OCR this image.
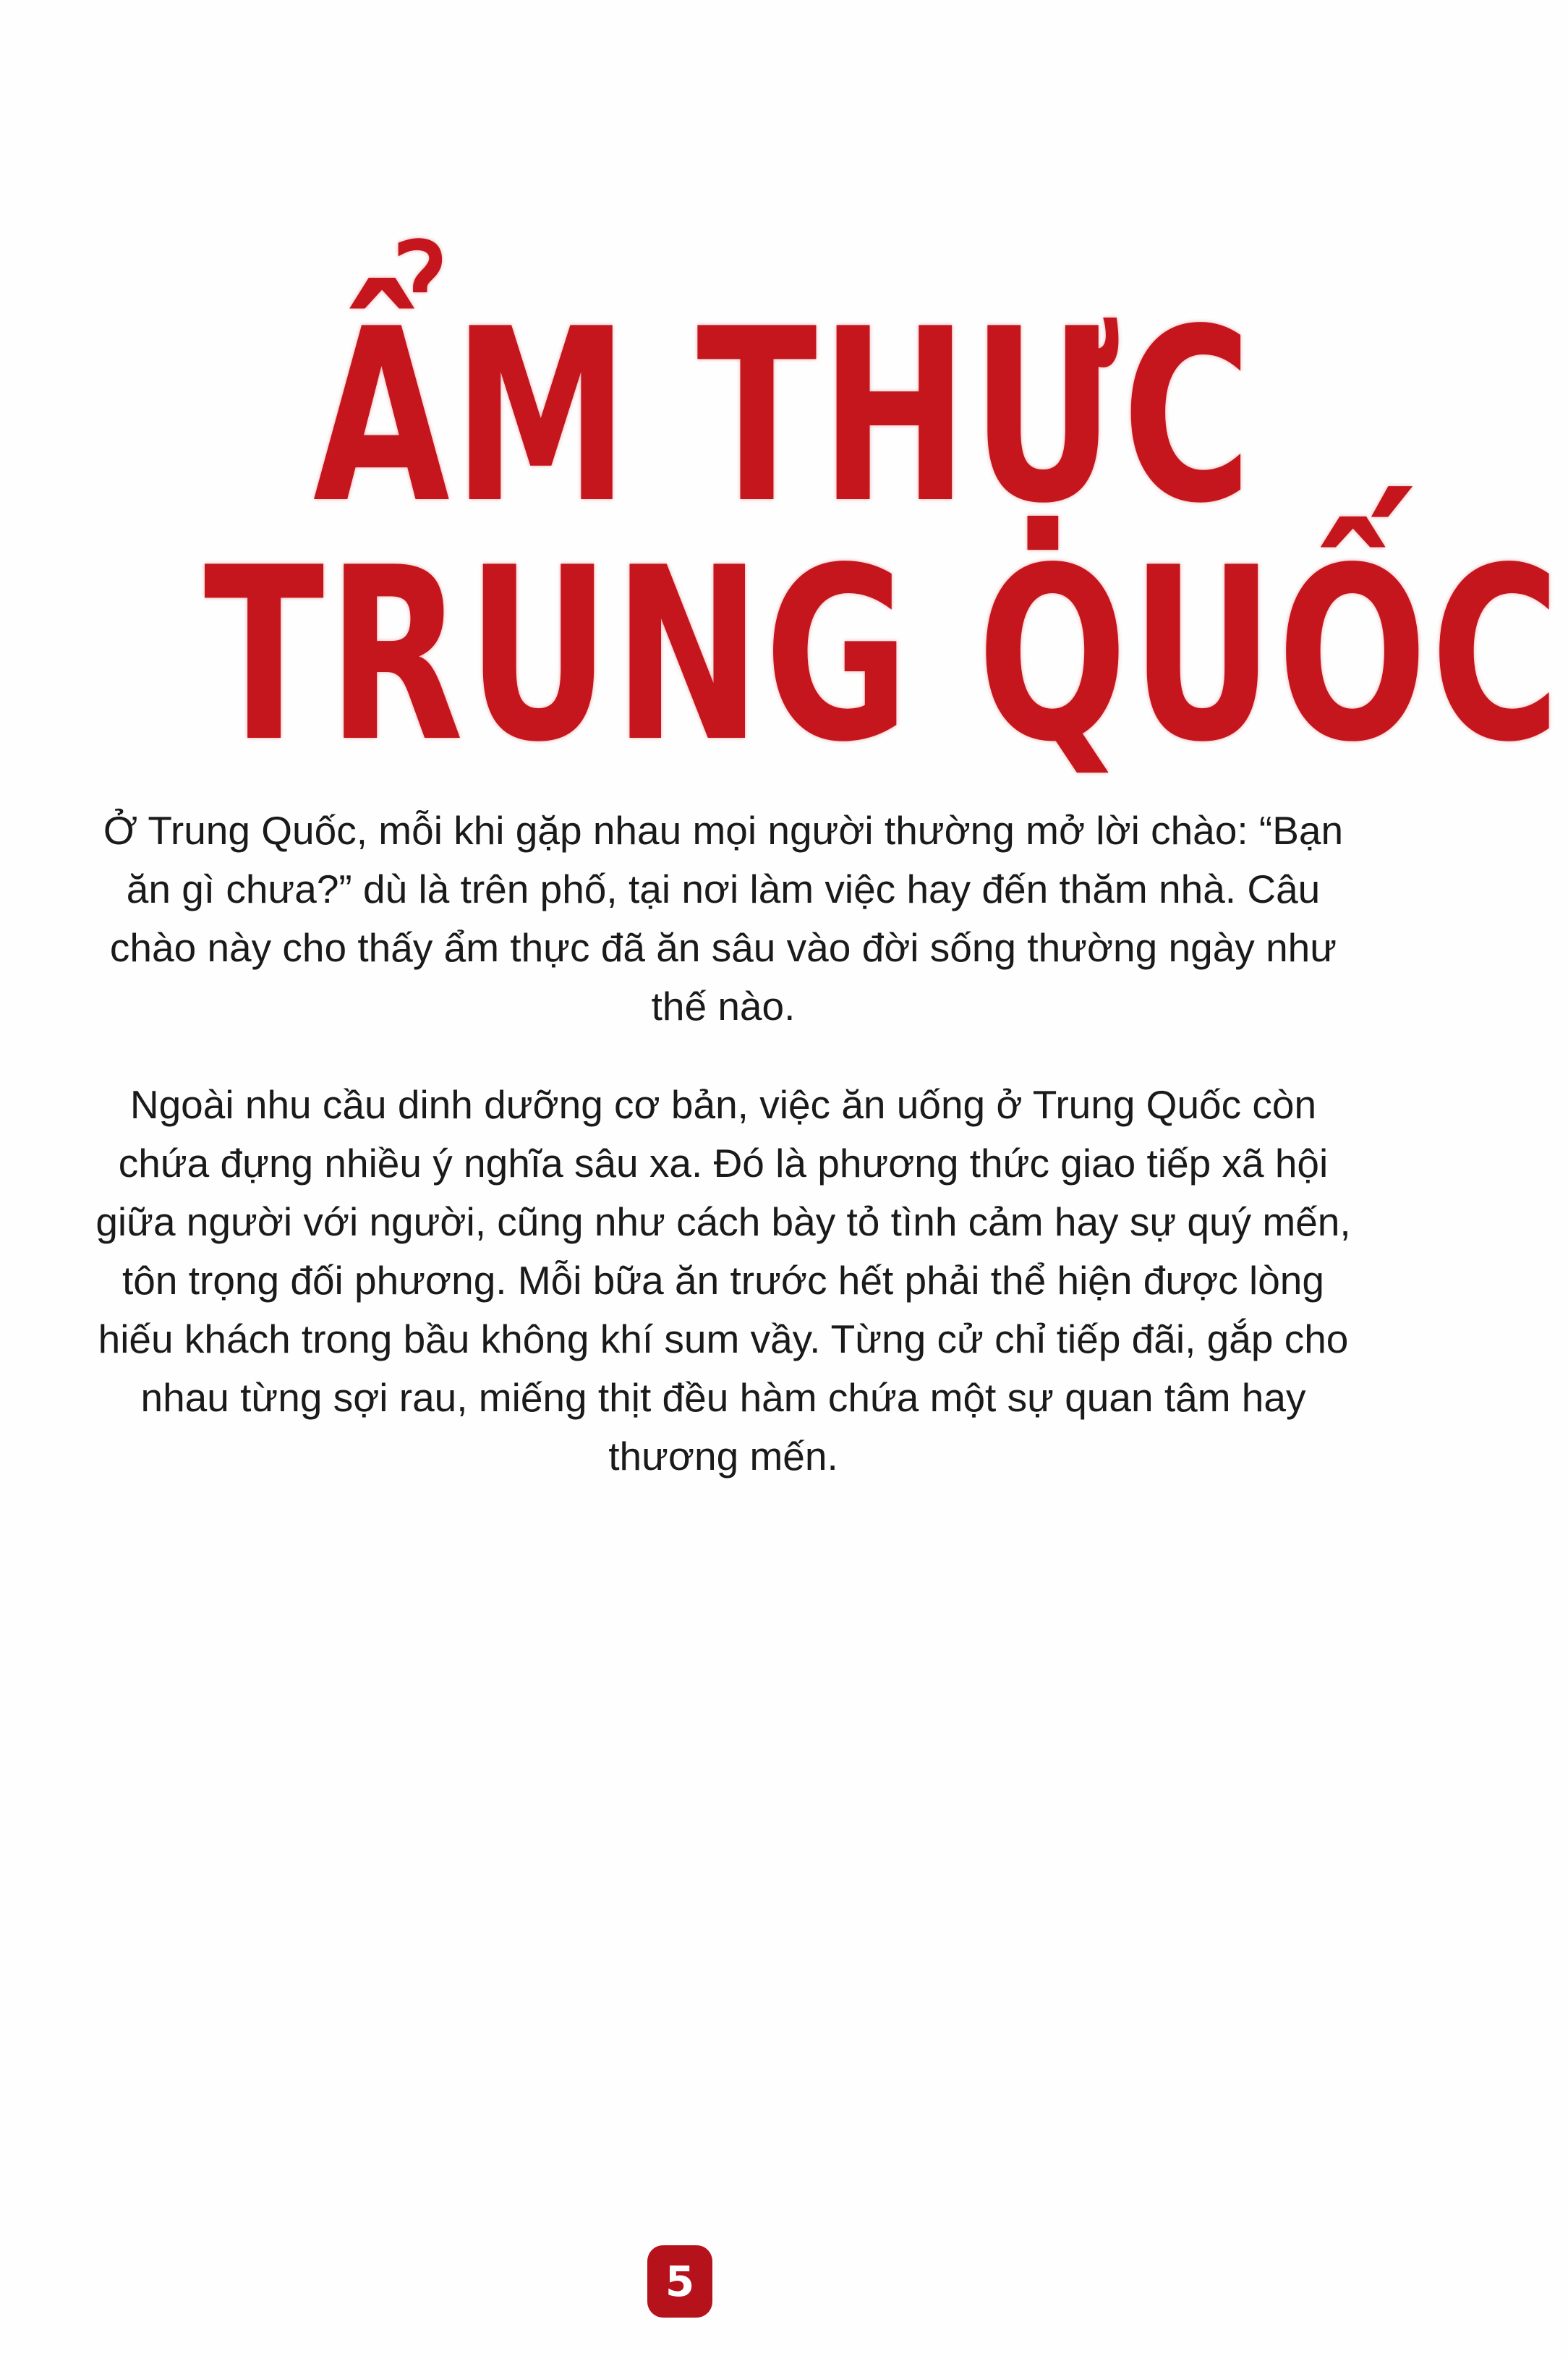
ẨM THỰC
TRUNG QUỐC

Ở Trung Quốc, mỗi khi gặp nhau mọi người thường mở lời chào: “Bạn ăn gì chưa?” dù là trên phố, tại nơi làm việc hay đến thăm nhà. Câu chào này cho thấy ẩm thực đã ăn sâu vào đời sống thường ngày như thế nào.

Ngoài nhu cầu dinh dưỡng cơ bản, việc ăn uống ở Trung Quốc còn chứa đựng nhiều ý nghĩa sâu xa. Đó là phương thức giao tiếp xã hội giữa người với người, cũng như cách bày tỏ tình cảm hay sự quý mến, tôn trọng đối phương. Mỗi bữa ăn trước hết phải thể hiện được lòng hiếu khách trong bầu không khí sum vầy. Từng cử chỉ tiếp đãi, gắp cho nhau từng sợi rau, miếng thịt đều hàm chứa một sự quan tâm hay thương mến.

5
